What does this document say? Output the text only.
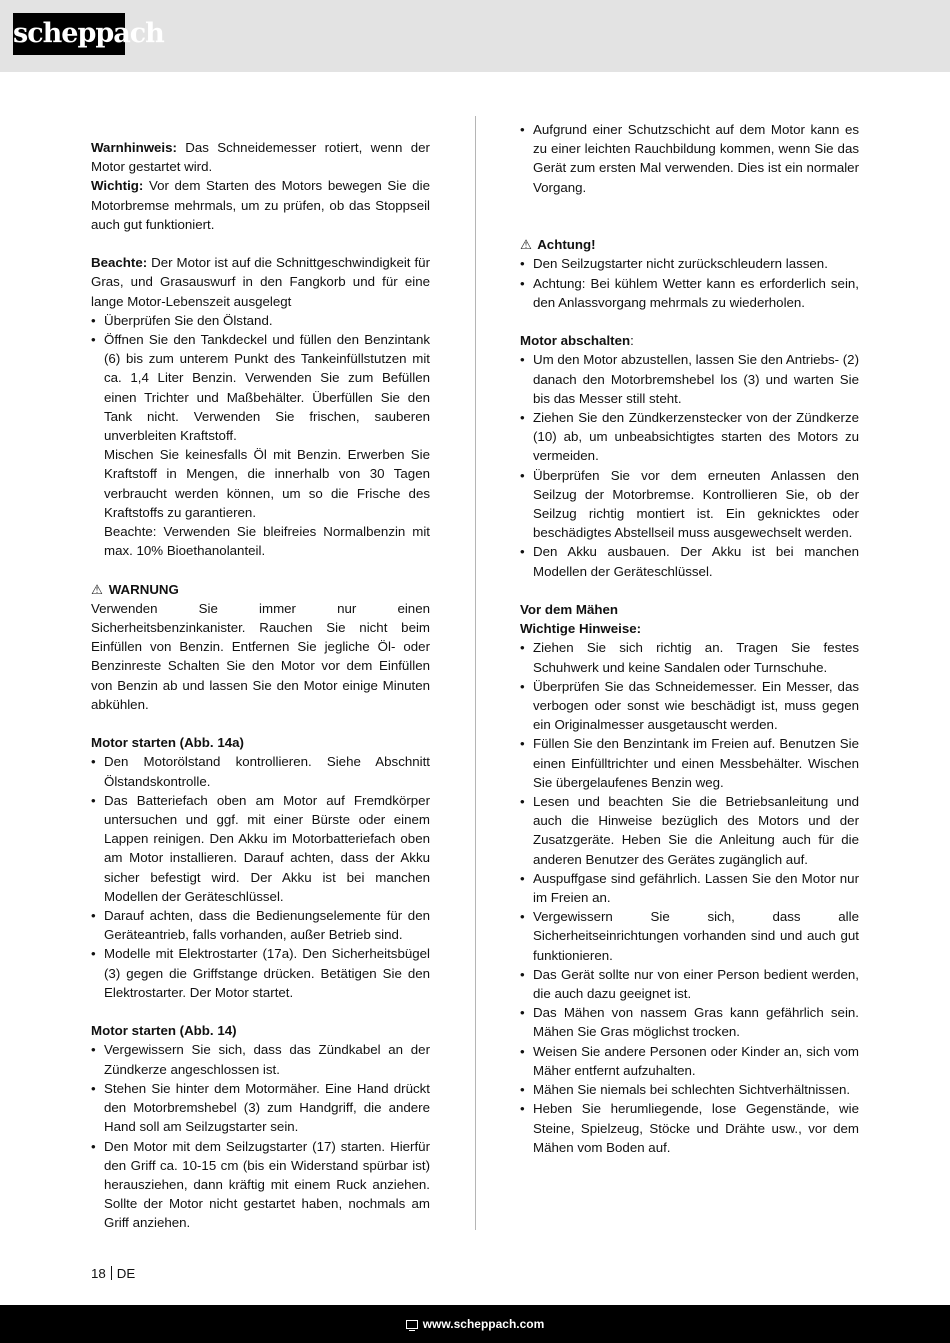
scheppach

Warnhinweis: Das Schneidemesser rotiert, wenn der Motor gestartet wird.

Wichtig: Vor dem Starten des Motors bewegen Sie die Motorbremse mehrmals, um zu prüfen, ob das Stoppseil auch gut funktioniert.

Beachte: Der Motor ist auf die Schnittgeschwindigkeit für Gras, und Grasauswurf in den Fangkorb und für eine lange Motor-Lebenszeit ausgelegt

• Überprüfen Sie den Ölstand.
• Öffnen Sie den Tankdeckel und füllen den Benzintank (6) bis zum unterem Punkt des Tankeinfüllstutzen mit ca. 1,4 Liter Benzin. Verwenden Sie zum Befüllen einen Trichter und Maßbehälter. Überfüllen Sie den Tank nicht. Verwenden Sie frischen, sauberen unverbleiten Kraftstoff.

Mischen Sie keinesfalls Öl mit Benzin. Erwerben Sie Kraftstoff in Mengen, die innerhalb von 30 Tagen verbraucht werden können, um so die Frische des Kraftstoffs zu garantieren.

Beachte: Verwenden Sie bleifreies Normalbenzin mit max. 10% Bioethanolanteil.

⚠ WARNUNG

Verwenden Sie immer nur einen Sicherheitsbenzinkanister. Rauchen Sie nicht beim Einfüllen von Benzin. Entfernen Sie jegliche Öl- oder Benzinreste Schalten Sie den Motor vor dem Einfüllen von Benzin ab und lassen Sie den Motor einige Minuten abkühlen.

Motor starten (Abb. 14a)

• Den Motorölstand kontrollieren. Siehe Abschnitt Ölstandskontrolle.
• Das Batteriefach oben am Motor auf Fremdkörper untersuchen und ggf. mit einer Bürste oder einem Lappen reinigen. Den Akku im Motorbatteriefach oben am Motor installieren. Darauf achten, dass der Akku sicher befestigt wird. Der Akku ist bei manchen Modellen der Geräteschlüssel.
• Darauf achten, dass die Bedienungselemente für den Geräteantrieb, falls vorhanden, außer Betrieb sind.
• Modelle mit Elektrostarter (17a). Den Sicherheitsbügel (3) gegen die Griffstange drücken. Betätigen Sie den Elektrostarter. Der Motor startet.

Motor starten (Abb. 14)

• Vergewissern Sie sich, dass das Zündkabel an der Zündkerze angeschlossen ist.
• Stehen Sie hinter dem Motormäher. Eine Hand drückt den Motorbremshebel (3) zum Handgriff, die andere Hand soll am Seilzugstarter sein.
• Den Motor mit dem Seilzugstarter (17) starten. Hierfür den Griff ca. 10-15 cm (bis ein Widerstand spürbar ist) herausziehen, dann kräftig mit einem Ruck anziehen. Sollte der Motor nicht gestartet haben, nochmals am Griff anziehen.
• Aufgrund einer Schutzschicht auf dem Motor kann es zu einer leichten Rauchbildung kommen, wenn Sie das Gerät zum ersten Mal verwenden. Dies ist ein normaler Vorgang.

⚠ Achtung!

• Den Seilzugstarter nicht zurückschleudern lassen.
• Achtung: Bei kühlem Wetter kann es erforderlich sein, den Anlassvorgang mehrmals zu wiederholen.

Motor abschalten:

• Um den Motor abzustellen, lassen Sie den Antriebs- (2) danach den Motorbremshebel los (3) und warten Sie bis das Messer still steht.
• Ziehen Sie den Zündkerzenstecker von der Zündkerze (10) ab, um unbeabsichtigtes starten des Motors zu vermeiden.
• Überprüfen Sie vor dem erneuten Anlassen den Seilzug der Motorbremse. Kontrollieren Sie, ob der Seilzug richtig montiert ist. Ein geknicktes oder beschädigtes Abstellseil muss ausgewechselt werden.
• Den Akku ausbauen. Der Akku ist bei manchen Modellen der Geräteschlüssel.

Vor dem Mähen

Wichtige Hinweise:

• Ziehen Sie sich richtig an. Tragen Sie festes Schuhwerk und keine Sandalen oder Turnschuhe.
• Überprüfen Sie das Schneidemesser. Ein Messer, das verbogen oder sonst wie beschädigt ist, muss gegen ein Originalmesser ausgetauscht werden.
• Füllen Sie den Benzintank im Freien auf. Benutzen Sie einen Einfülltrichter und einen Messbehälter. Wischen Sie übergelaufenes Benzin weg.
• Lesen und beachten Sie die Betriebsanleitung und auch die Hinweise bezüglich des Motors und der Zusatzgeräte. Heben Sie die Anleitung auch für die anderen Benutzer des Gerätes zugänglich auf.
• Auspuffgase sind gefährlich. Lassen Sie den Motor nur im Freien an.
• Vergewissern Sie sich, dass alle Sicherheitseinrichtungen vorhanden sind und auch gut funktionieren.
• Das Gerät sollte nur von einer Person bedient werden, die auch dazu geeignet ist.
• Das Mähen von nassem Gras kann gefährlich sein. Mähen Sie Gras möglichst trocken.
• Weisen Sie andere Personen oder Kinder an, sich vom Mäher entfernt aufzuhalten.
• Mähen Sie niemals bei schlechten Sichtverhältnissen.
• Heben Sie herumliegende, lose Gegenstände, wie Steine, Spielzeug, Stöcke und Drähte usw., vor dem Mähen vom Boden auf.
18 DE
www.scheppach.com
